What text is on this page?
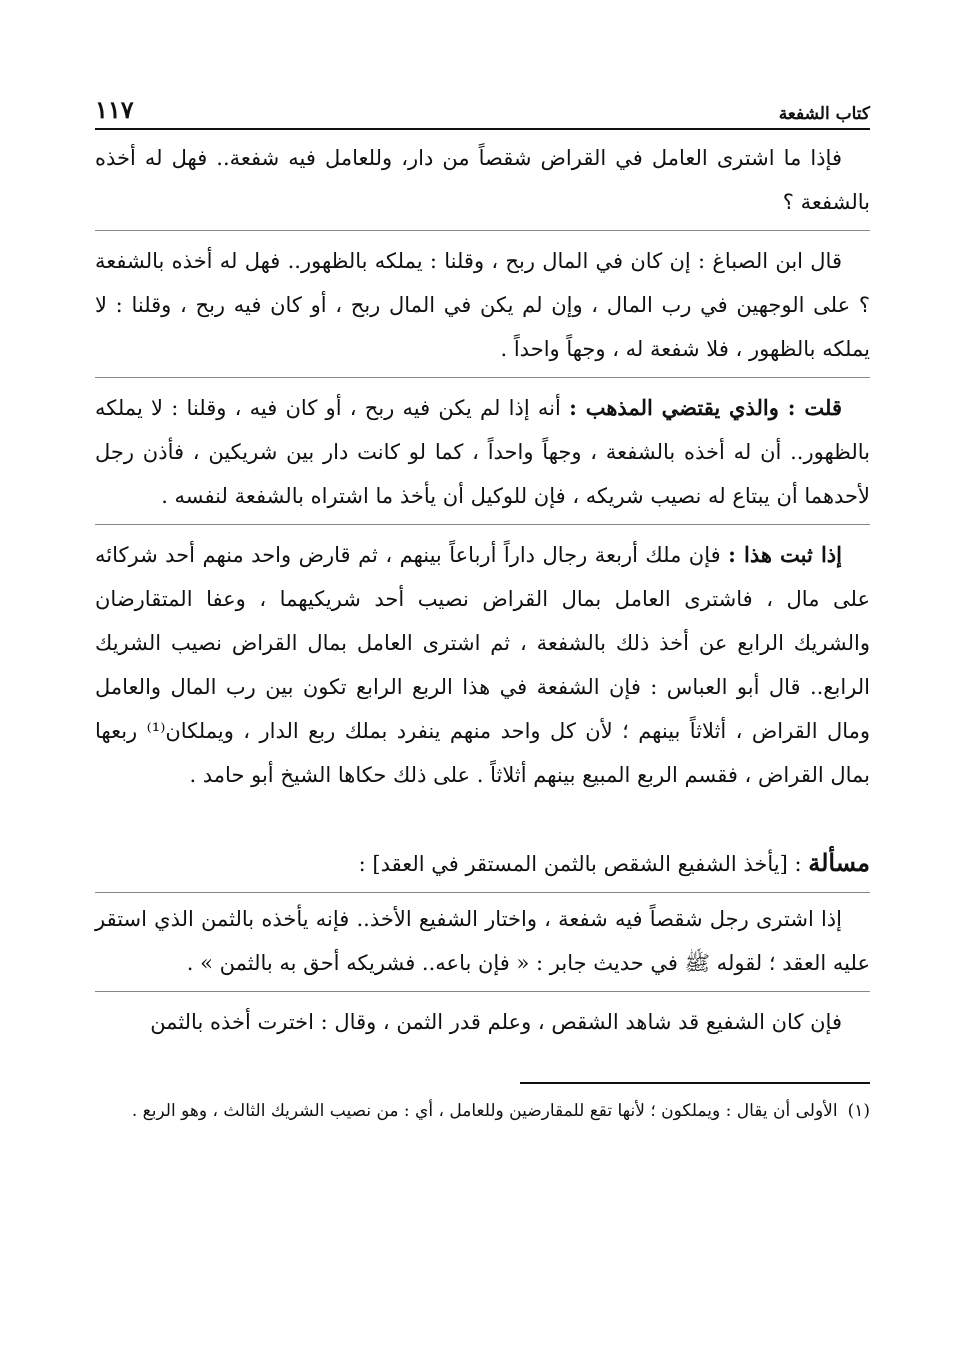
كتاب الشفعة
١١٧

فإذا ما اشترى العامل في القراض شقصاً من دار، وللعامل فيه شفعة.. فهل له أخذه بالشفعة ؟

قال ابن الصباغ : إن كان في المال ربح ، وقلنا : يملكه بالظهور.. فهل له أخذه بالشفعة ؟ على الوجهين في رب المال ، وإن لم يكن في المال ربح ، أو كان فيه ربح ، وقلنا : لا يملكه بالظهور ، فلا شفعة له ، وجهاً واحداً .

قلت : والذي يقتضي المذهب : أنه إذا لم يكن فيه ربح ، أو كان فيه ، وقلنا : لا يملكه بالظهور.. أن له أخذه بالشفعة ، وجهاً واحداً ، كما لو كانت دار بين شريكين ، فأذن رجل لأحدهما أن يبتاع له نصيب شريكه ، فإن للوكيل أن يأخذ ما اشتراه بالشفعة لنفسه .

إذا ثبت هذا : فإن ملك أربعة رجال داراً أرباعاً بينهم ، ثم قارض واحد منهم أحد شركائه على مال ، فاشترى العامل بمال القراض نصيب أحد شريكيهما ، وعفا المتقارضان والشريك الرابع عن أخذ ذلك بالشفعة ، ثم اشترى العامل بمال القراض نصيب الشريك الرابع.. قال أبو العباس : فإن الشفعة في هذا الربع الرابع تكون بين رب المال والعامل ومال القراض ، أثلاثاً بينهم ؛ لأن كل واحد منهم ينفرد بملك ربع الدار ، ويملكان⁽¹⁾ ربعها بمال القراض ، فقسم الربع المبيع بينهم أثلاثاً . على ذلك حكاها الشيخ أبو حامد .

مسألة : [يأخذ الشفيع الشقص بالثمن المستقر في العقد] :

إذا اشترى رجل شقصاً فيه شفعة ، واختار الشفيع الأخذ.. فإنه يأخذه بالثمن الذي استقر عليه العقد ؛ لقوله ﷺ في حديث جابر : « فإن باعه.. فشريكه أحق به بالثمن » .

فإن كان الشفيع قد شاهد الشقص ، وعلم قدر الثمن ، وقال : اخترت أخذه بالثمن

(١)الأولى أن يقال : ويملكون ؛ لأنها تقع للمقارضين وللعامل ، أي : من نصيب الشريك الثالث ، وهو الربع .
